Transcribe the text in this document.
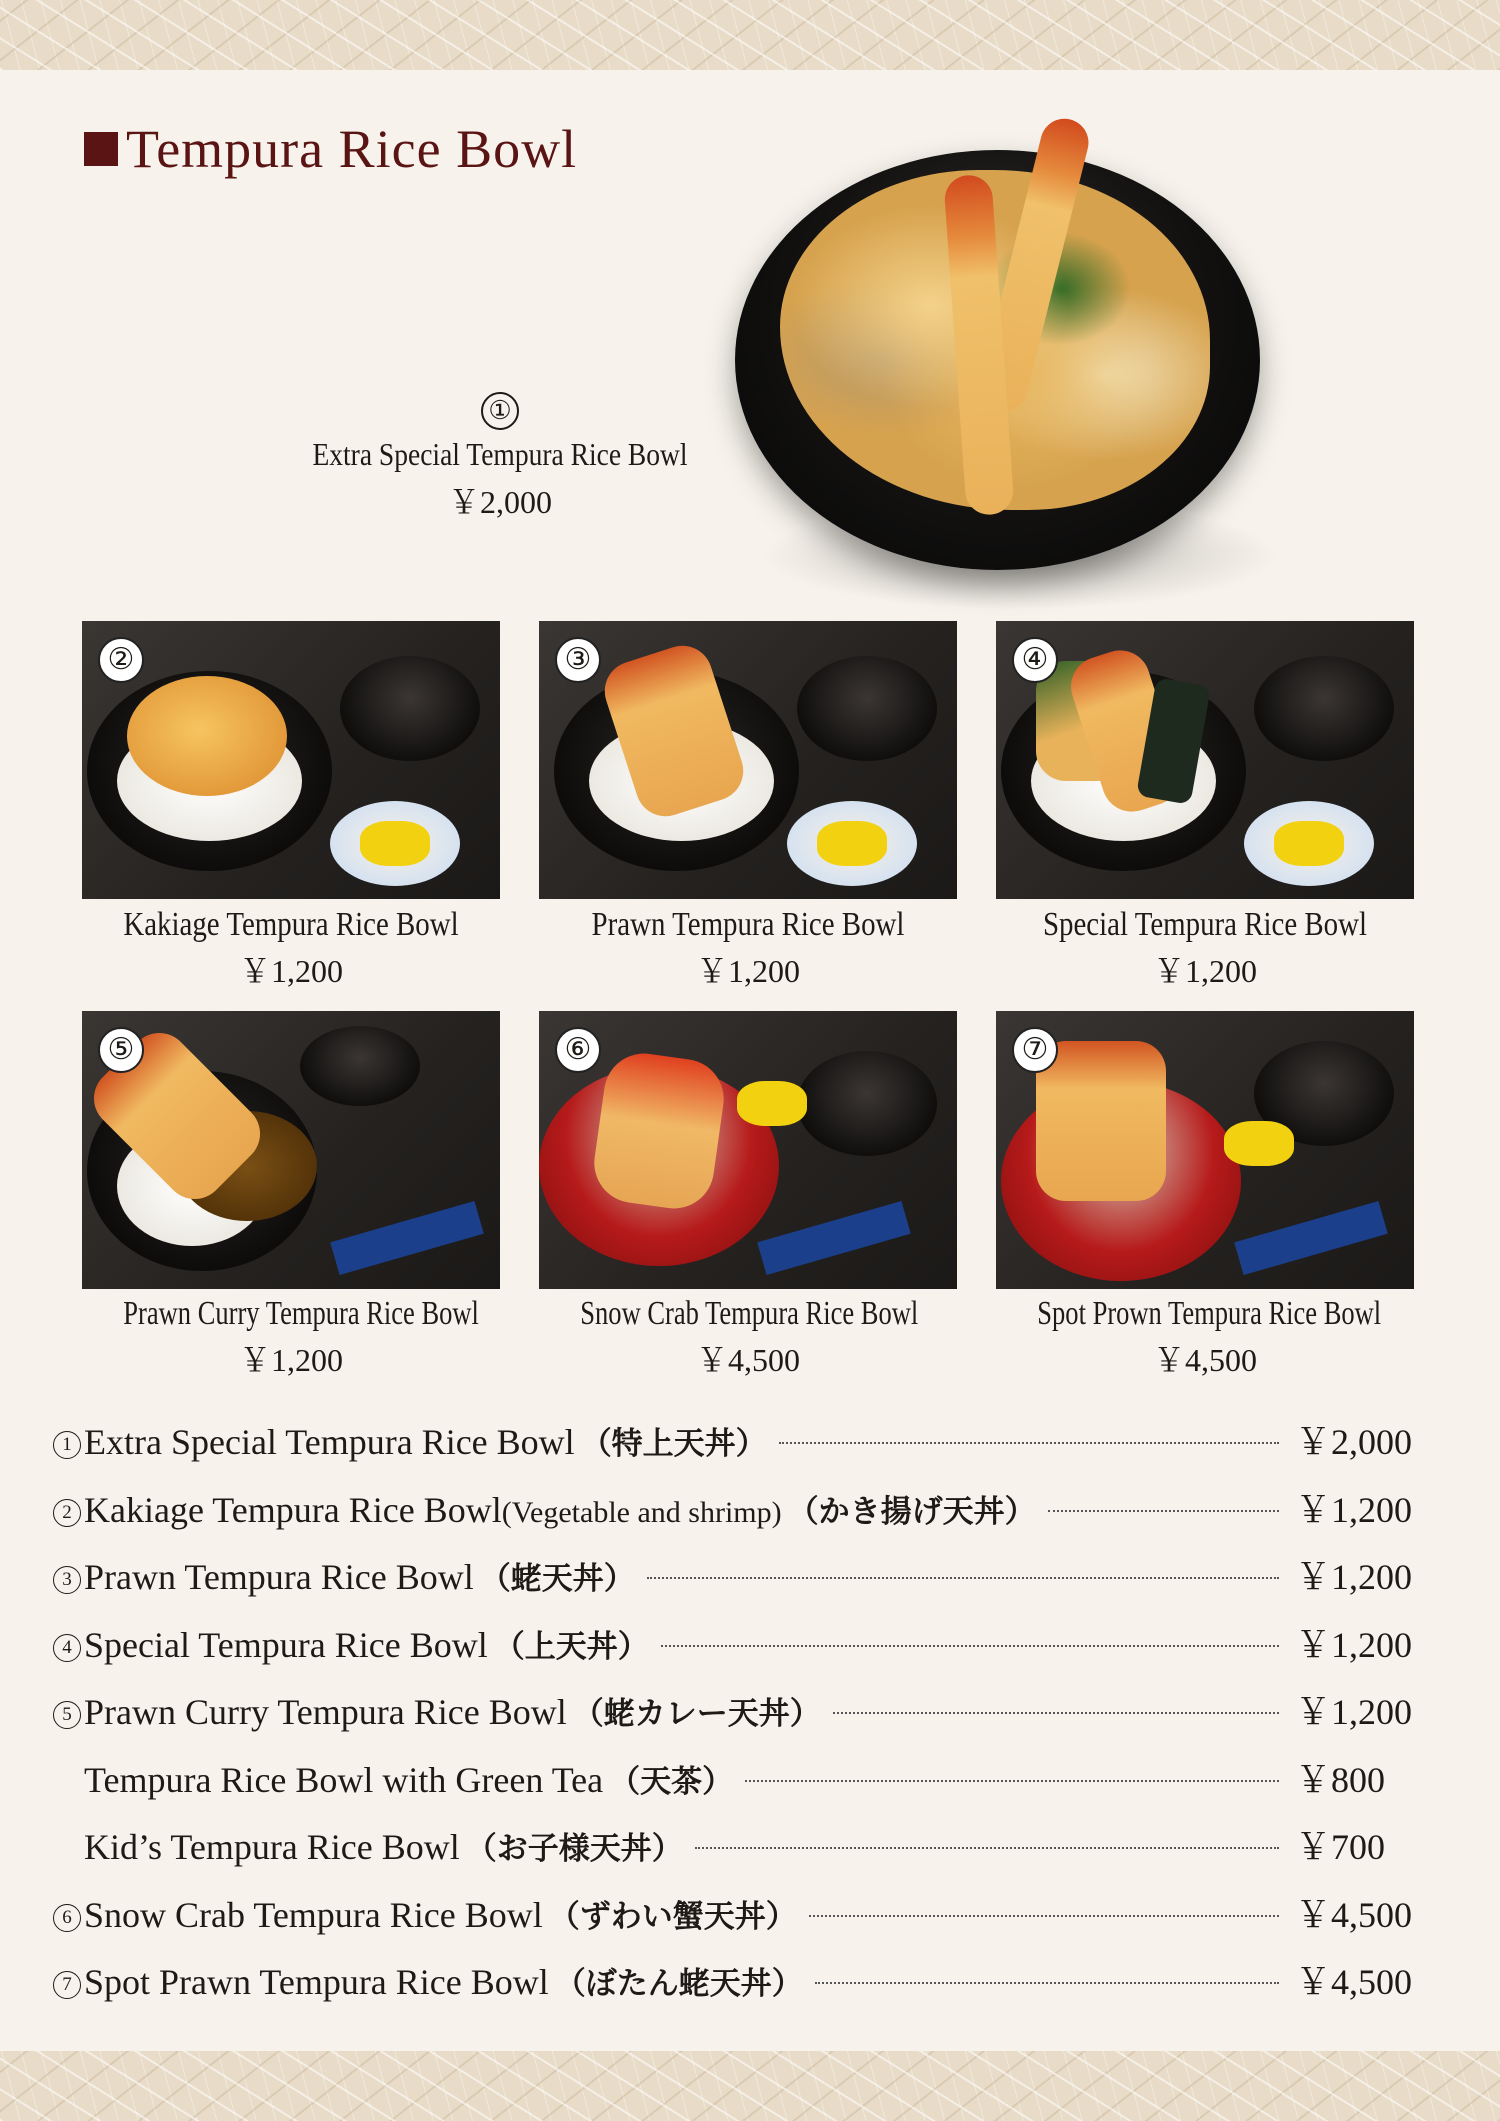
Tempura Rice Bowl
①
Extra Special Tempura Rice Bowl
￥2,000
②	③	④
Kakiage Tempura Rice Bowl
￥1,200
Prawn Tempura Rice Bowl
￥1,200
Special Tempura Rice Bowl
￥1,200
⑤	⑥	⑦
Prawn Curry Tempura Rice Bowl
￥1,200
Snow Crab Tempura Rice Bowl
￥4,500
Spot Prown Tempura Rice Bowl
￥4,500
1 Extra Special Tempura Rice Bowl （特上天丼）	￥2,000
2 Kakiage Tempura Rice Bowl (Vegetable and shrimp) （かき揚げ天丼）	￥1,200
3 Prawn Tempura Rice Bowl （蛯天丼）	￥1,200
4 Special Tempura Rice Bowl （上天丼）	￥1,200
5 Prawn Curry Tempura Rice Bowl （蛯カレー天丼）	￥1,200
Tempura Rice Bowl with Green Tea （天茶）	￥800
Kid’s Tempura Rice Bowl （お子様天丼）	￥700
6 Snow Crab Tempura Rice Bowl （ずわい蟹天丼）	￥4,500
7 Spot Prawn Tempura Rice Bowl （ぼたん蛯天丼）	￥4,500
